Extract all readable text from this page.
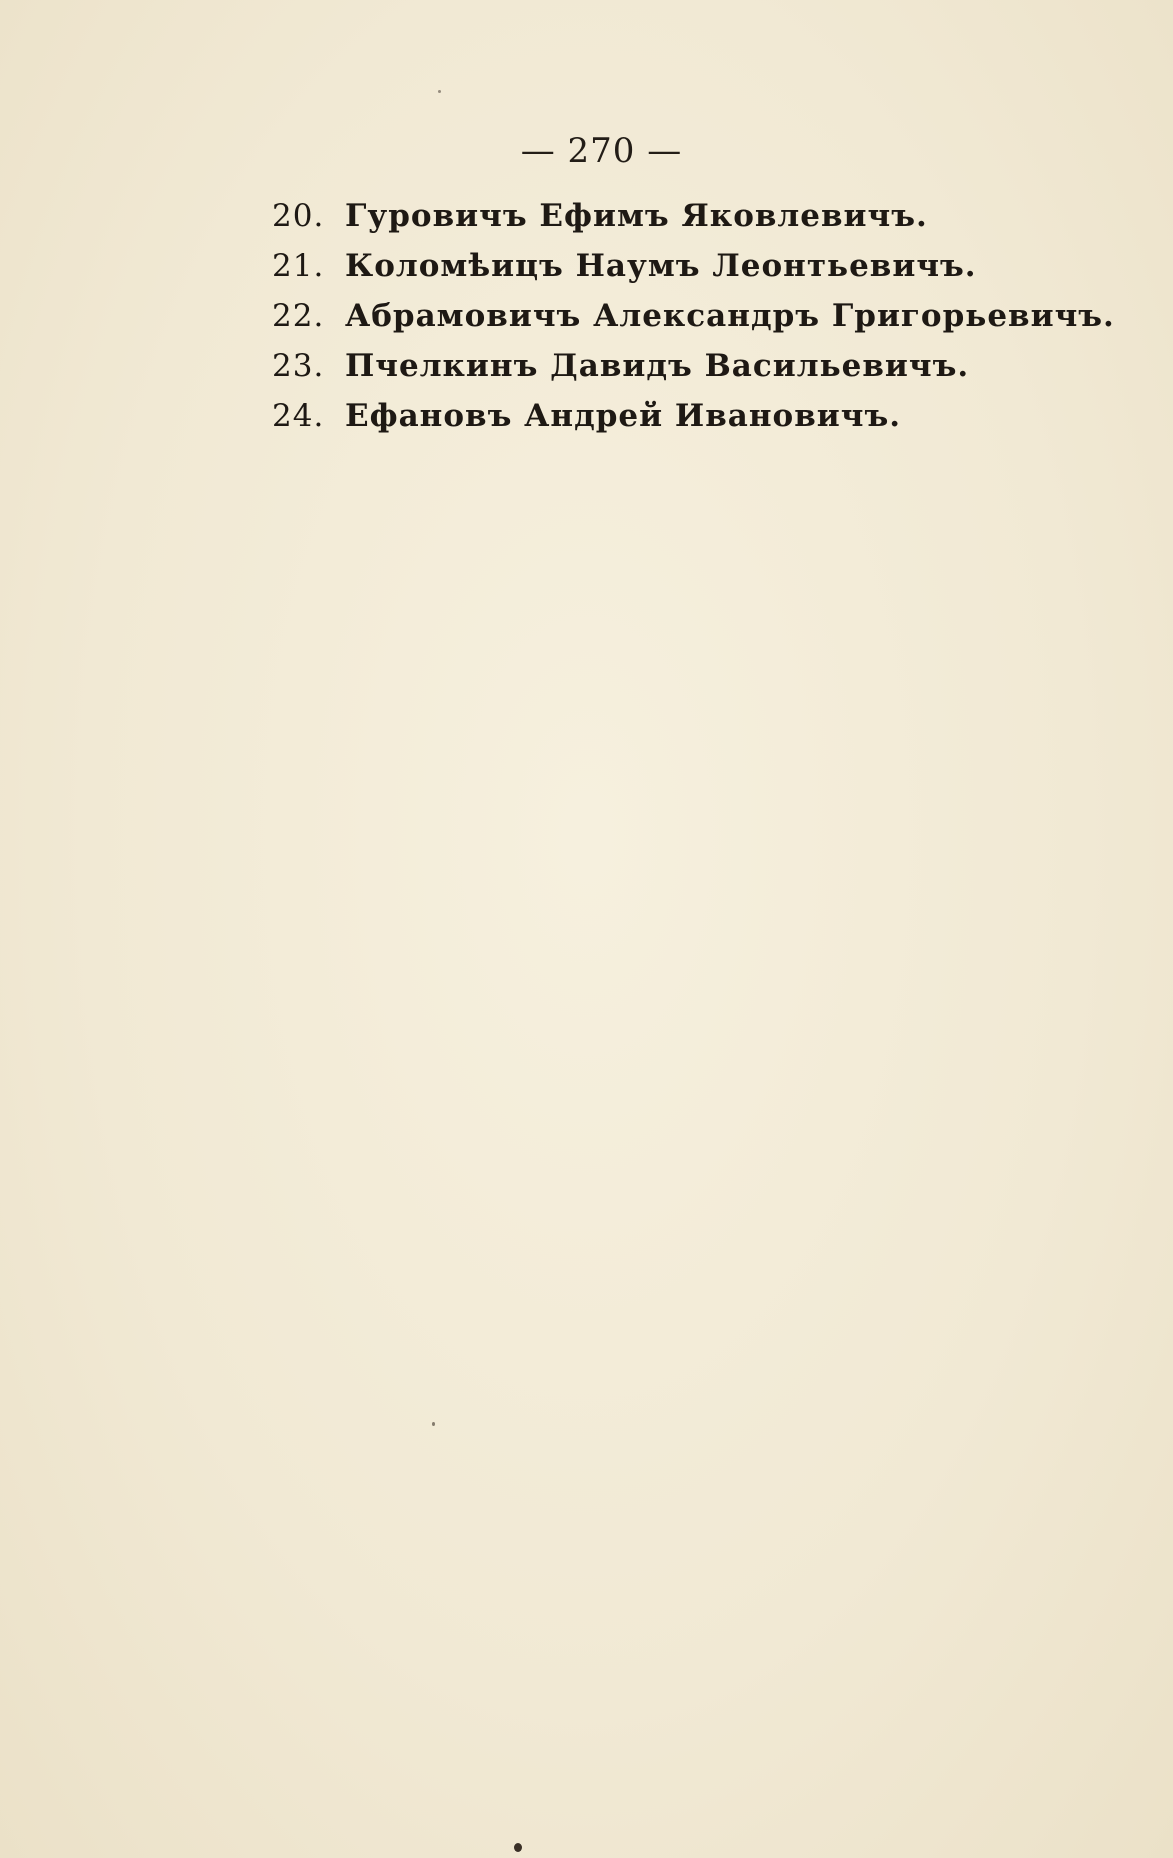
— 270 —
20. Гуровичъ Ефимъ Яковлевичъ.
21. Коломѣицъ Наумъ Леонтьевичъ.
22. Абрамовичъ Александръ Григорьевичъ.
23. Пчелкинъ Давидъ Васильевичъ.
24. Ефановъ Андрей Ивановичъ.
